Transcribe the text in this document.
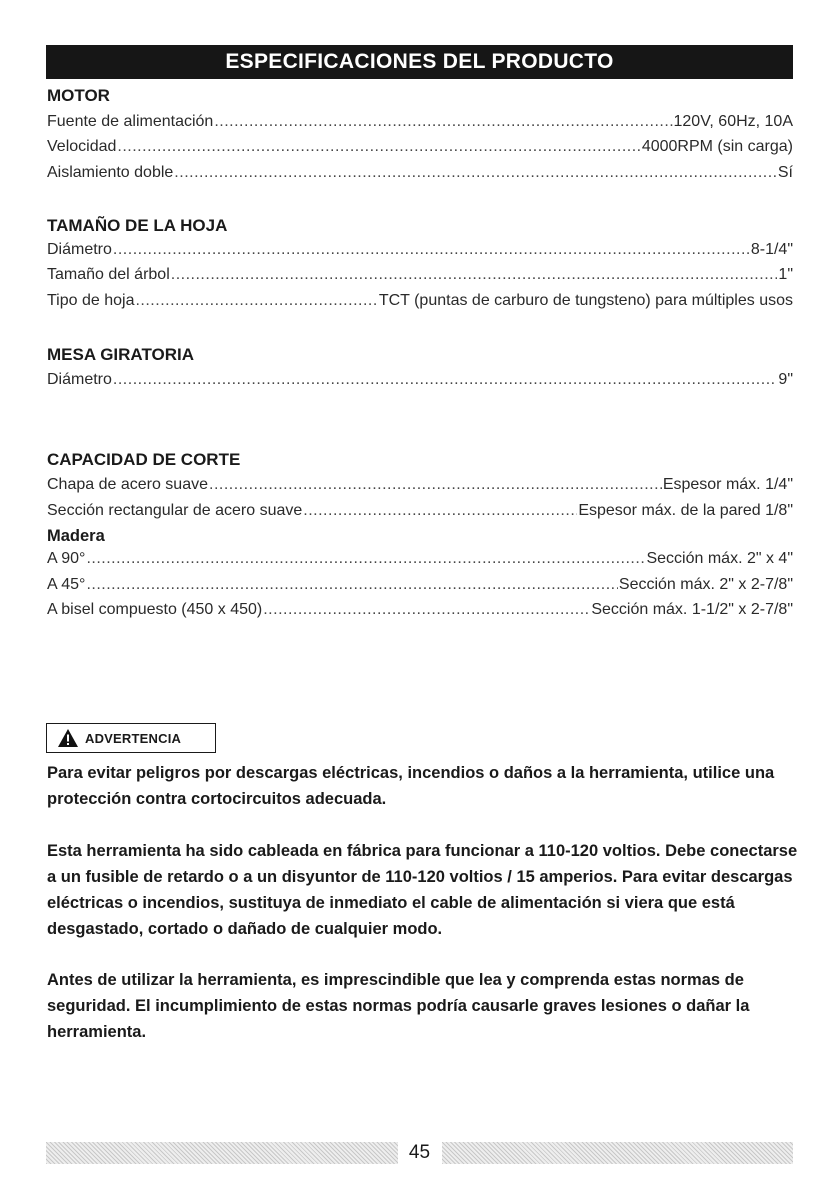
ESPECIFICACIONES DEL PRODUCTO
MOTOR
Fuente de alimentación .....	120V, 60Hz, 10A
Velocidad .....	4000RPM (sin carga)
Aislamiento doble .....	Sí
TAMAÑO DE LA HOJA
Diámetro .....	8-1/4"
Tamaño del árbol .....	1"
Tipo de hoja .....	TCT (puntas de carburo de tungsteno) para múltiples usos
MESA GIRATORIA
Diámetro .....	9"
CAPACIDAD DE CORTE
Chapa de acero suave .....	Espesor máx. 1/4"
Sección rectangular de acero suave .....	Espesor máx. de la pared 1/8"
Madera
A 90° .....	Sección máx. 2" x 4"
A 45° .....	Sección máx. 2" x 2-7/8"
A bisel compuesto (450 x 450) .....	Sección máx. 1-1/2" x 2-7/8"
ADVERTENCIA

Para evitar peligros por descargas eléctricas, incendios o daños a la herramienta, utilice una protección contra cortocircuitos adecuada.

Esta herramienta ha sido cableada en fábrica para funcionar a 110-120 voltios. Debe conectarse a un fusible de retardo o a un disyuntor de 110-120 voltios / 15 amperios. Para evitar descargas eléctricas o incendios, sustituya de inmediato el cable de alimentación si viera que está desgastado, cortado o dañado de cualquier modo.

Antes de utilizar la herramienta, es imprescindible que lea y comprenda estas normas de seguridad. El incumplimiento de estas normas podría causarle graves lesiones o dañar la herramienta.

45
